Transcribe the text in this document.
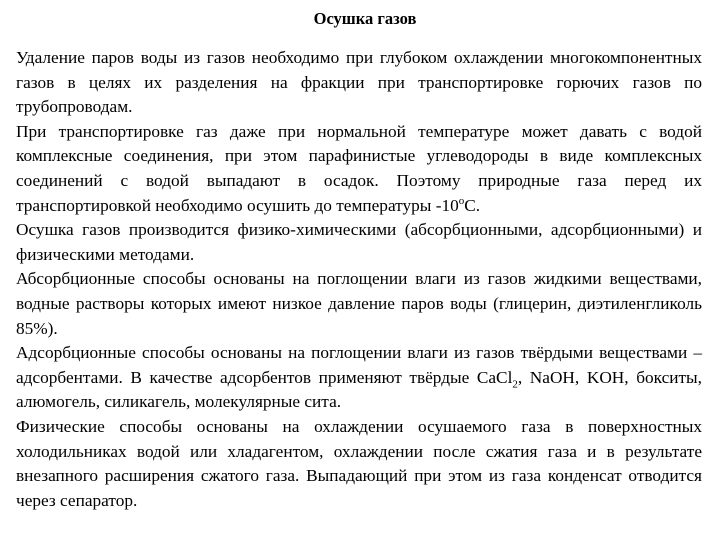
Осушка газов

Удаление паров воды из газов необходимо при глубоком охлаждении многокомпонентных газов в целях их разделения на фракции при транспортировке горючих газов по трубопроводам.

При транспортировке газ даже при нормальной температуре может давать с водой комплексные соединения, при этом парафинистые углеводороды в виде комплексных соединений с водой выпадают в осадок. Поэтому природные газа перед их транспортировкой необходимо осушить до температуры $-10^оС$.

Осушка газов производится физико-химическими (абсорбционными, адсорбционными) и физическими методами.

Абсорбционные способы основаны на поглощении влаги из газов жидкими веществами, водные растворы которых имеют низкое давление паров воды (глицерин, диэтиленгликоль 85%).

Адсорбционные способы основаны на поглощении влаги из газов твёрдыми веществами – адсорбентами. В качестве адсорбентов применяют твёрдые CaCl$_2$, NaOH, KOH, бокситы, алюмогель, силикагель, молекулярные сита.

Физические способы основаны на охлаждении осушаемого газа в поверхностных холодильниках водой или хладагентом, охлаждении после сжатия газа и в результате внезапного расширения сжатого газа. Выпадающий при этом из газа конденсат отводится через сепаратор.
